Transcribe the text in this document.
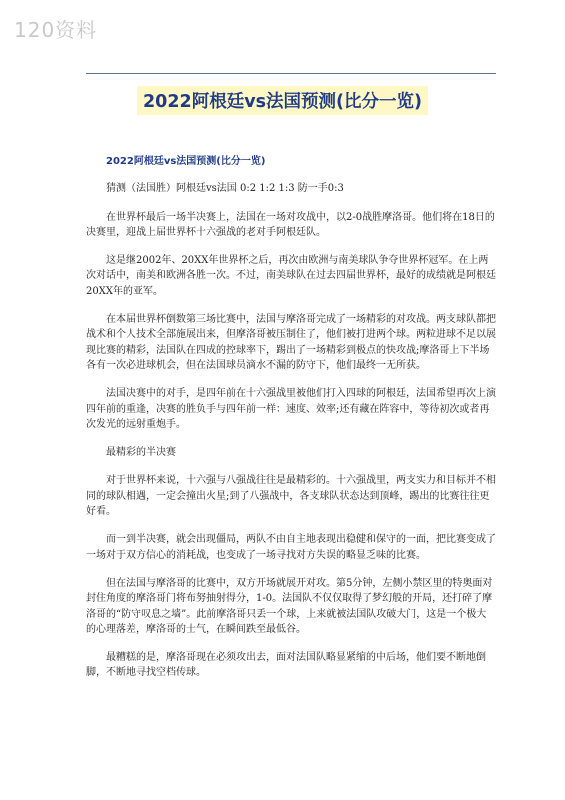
120资料
2022阿根廷vs法国预测(比分一览)
2022阿根廷vs法国预测(比分一览)

猜测（法国胜）阿根廷vs法国 0:2 1:2 1:3 防一手0:3

在世界杯最后一场半决赛上，法国在一场对攻战中，以2-0战胜摩洛哥。他们将在18日的决赛里，迎战上届世界杯十六强战的老对手阿根廷队。

这是继2002年、20XX年世界杯之后，再次由欧洲与南美球队争夺世界杯冠军。在上两次对话中，南美和欧洲各胜一次。不过，南美球队在过去四届世界杯，最好的成绩就是阿根廷20XX年的亚军。

在本届世界杯倒数第三场比赛中，法国与摩洛哥完成了一场精彩的对攻战。两支球队都把战术和个人技术全部施展出来，但摩洛哥被压制住了，他们被打进两个球。两粒进球不足以展现比赛的精彩，法国队在四成的控球率下，踢出了一场精彩到极点的快攻战;摩洛哥上下半场各有一次必进球机会，但在法国球员滴水不漏的防守下，他们最终一无所获。

法国决赛中的对手，是四年前在十六强战里被他们打入四球的阿根廷，法国希望再次上演四年前的重逢，决赛的胜负手与四年前一样：速度、效率;还有藏在阵容中，等待初次或者再次发光的远射重炮手。

最精彩的半决赛

对于世界杯来说，十六强与八强战往往是最精彩的。十六强战里，两支实力和目标并不相同的球队相遇，一定会撞出火星;到了八强战中，各支球队状态达到顶峰，踢出的比赛往往更好看。

而一到半决赛，就会出现僵局，两队不由自主地表现出稳健和保守的一面，把比赛变成了一场对于双方信心的消耗战，也变成了一场寻找对方失误的略显乏味的比赛。

但在法国与摩洛哥的比赛中，双方开场就展开对攻。第5分钟，左侧小禁区里的特奥面对封住角度的摩洛哥门将布努抽射得分，1-0。法国队不仅仅取得了梦幻般的开局，还打碎了摩洛哥的“防守叹息之墙”。此前摩洛哥只丢一个球，上来就被法国队攻破大门，这是一个极大的心理落差，摩洛哥的士气，在瞬间跌至最低谷。

最糟糕的是，摩洛哥现在必须攻出去，面对法国队略显紧缩的中后场，他们要不断地倒脚，不断地寻找空档传球。
